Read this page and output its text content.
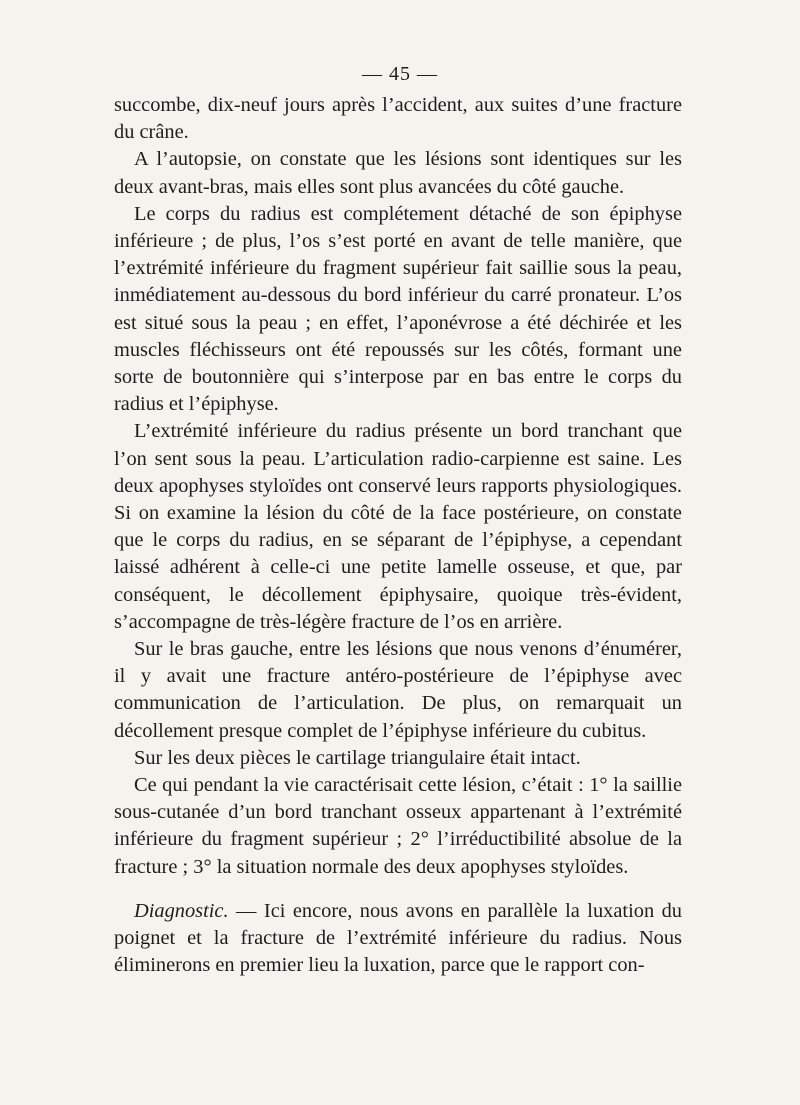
— 45 —

succombe, dix-neuf jours après l’accident, aux suites d’une fracture du crâne.

A l’autopsie, on constate que les lésions sont identiques sur les deux avant-bras, mais elles sont plus avancées du côté gauche.

Le corps du radius est complétement détaché de son épiphyse inférieure ; de plus, l’os s’est porté en avant de telle manière, que l’extrémité inférieure du fragment supérieur fait saillie sous la peau, inmédiatement au-dessous du bord inférieur du carré pronateur. L’os est situé sous la peau ; en effet, l’aponévrose a été déchirée et les muscles fléchisseurs ont été repoussés sur les côtés, formant une sorte de boutonnière qui s’interpose par en bas entre le corps du radius et l’épiphyse.

L’extrémité inférieure du radius présente un bord tranchant que l’on sent sous la peau. L’articulation radio-carpienne est saine. Les deux apophyses styloïdes ont conservé leurs rapports physiologiques. Si on examine la lésion du côté de la face postérieure, on constate que le corps du radius, en se séparant de l’épiphyse, a cependant laissé adhérent à celle-ci une petite lamelle osseuse, et que, par conséquent, le décollement épiphysaire, quoique très-évident, s’accompagne de très-légère fracture de l’os en arrière.

Sur le bras gauche, entre les lésions que nous venons d’énumérer, il y avait une fracture antéro-postérieure de l’épiphyse avec communication de l’articulation. De plus, on remarquait un décollement presque complet de l’épiphyse inférieure du cubitus.

Sur les deux pièces le cartilage triangulaire était intact.

Ce qui pendant la vie caractérisait cette lésion, c’était : 1° la saillie sous-cutanée d’un bord tranchant osseux appartenant à l’extrémité inférieure du fragment supérieur ; 2° l’irréductibilité absolue de la fracture ; 3° la situation normale des deux apophyses styloïdes.

Diagnostic. — Ici encore, nous avons en parallèle la luxation du poignet et la fracture de l’extrémité inférieure du radius. Nous éliminerons en premier lieu la luxation, parce que le rapport con-
